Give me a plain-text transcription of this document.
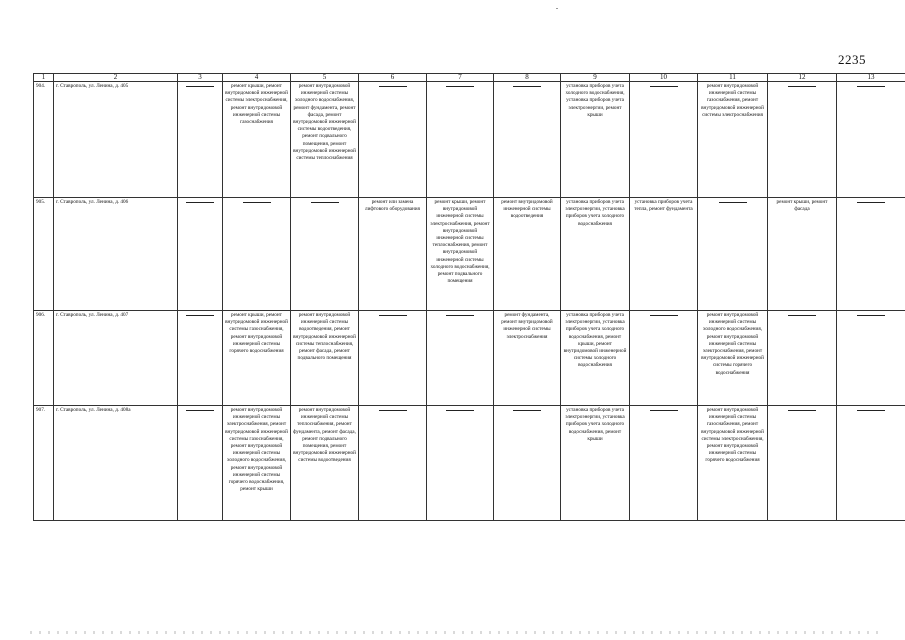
2235
1	2	3	4	5	6	7	8	9	10	11	12	13
904.	г. Ставрополь, ул. Ленина, д. 405		ремонт крыши, ремонт внутридомовой инженерной системы электроснабжения, ремонт внутридомовой инженерной системы газоснабжения	ремонт внутридомовой инженерной системы холодного водоснабжения, ремонт фундамента, ремонт фасада, ремонт внутридомовой инженерной системы водоотведения, ремонт подвального помещения, ремонт внутридомовой инженерной системы теплоснабжения				установка приборов учета холодного водоснабжения, установка приборов учета электроэнергии, ремонт крыши		ремонт внутридомовой инженерной системы газоснабжения, ремонт внутридомовой инженерной системы электроснабжения	

905.	г. Ставрополь, ул. Ленина, д. 406				ремонт или замена лифтового оборудования	ремонт крыши, ремонт внутридомовой инженерной системы электроснабжения, ремонт внутридомовой инженерной системы теплоснабжения, ремонт внутридомовой инженерной системы холодного водоснабжения, ремонт подвального помещения	ремонт внутридомовой инженерной системы водоотведения	установка приборов учета электроэнергии, установка приборов учета холодного водоснабжения	установка приборов учета тепла, ремонт фундамента		ремонт крыши, ремонт фасада	

906.	г. Ставрополь, ул. Ленина, д. 407		ремонт крыши, ремонт внутридомовой инженерной системы газоснабжения, ремонт внутридомовой инженерной системы горячего водоснабжения	ремонт внутридомовой инженерной системы водоотведения, ремонт внутридомовой инженерной системы теплоснабжения, ремонт фасада, ремонт подвального помещения			ремонт фундамента, ремонт внутридомовой инженерной системы электроснабжения	установка приборов учета электроэнергии, установка приборов учета холодного водоснабжения, ремонт крыши, ремонт внутридомовой инженерной системы холодного водоснабжения		ремонт внутридомовой инженерной системы холодного водоснабжения, ремонт внутридомовой инженерной системы электроснабжения, ремонт внутридомовой инженерной системы горячего водоснабжения	

907.	г. Ставрополь, ул. Ленина, д. 408а		ремонт внутридомовой инженерной системы электроснабжения, ремонт внутридомовой инженерной системы газоснабжения, ремонт внутридомовой инженерной системы холодного водоснабжения, ремонт внутридомовой инженерной системы горячего водоснабжения, ремонт крыши	ремонт внутридомовой инженерной системы теплоснабжения, ремонт фундамента, ремонт фасада, ремонт подвального помещения, ремонт внутридомовой инженерной системы водоотведения				установка приборов учета электроэнергии, установка приборов учета холодного водоснабжения, ремонт крыши		ремонт внутридомовой инженерной системы газоснабжения, ремонт внутридомовой инженерной системы электроснабжения, ремонт внутридомовой инженерной системы горячего водоснабжения	
